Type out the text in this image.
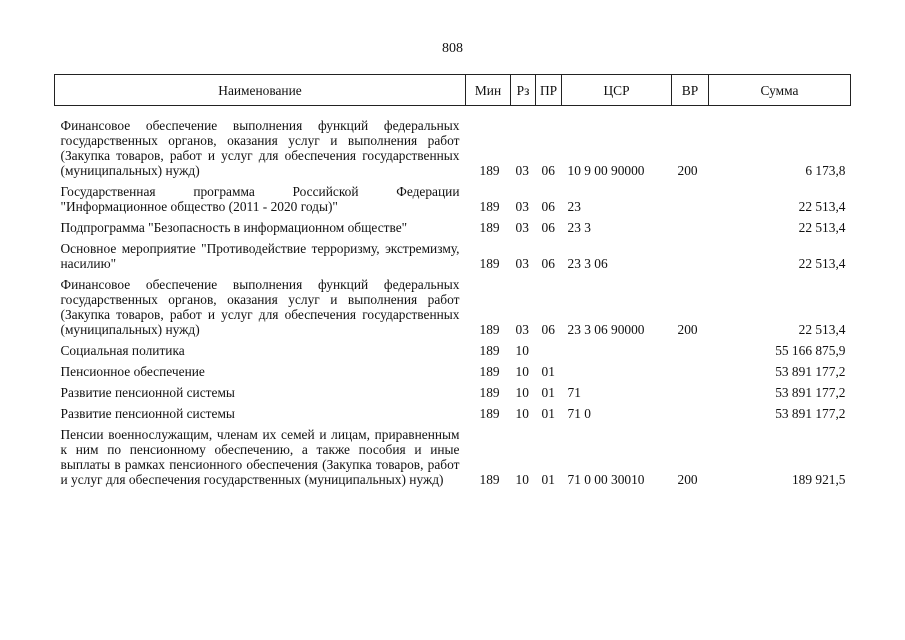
808
Наименование	Мин	Рз	ПР	ЦСР	ВР	Сумма

Финансовое обеспечение выполнения функций федеральных государственных органов, оказания услуг и выполнения работ (Закупка товаров, работ и услуг для обеспечения государственных (муниципальных) нужд)	189	03	06	10 9 00 90000	200	6 173,8
Государственная программа Российской Федерации "Информационное общество (2011 - 2020 годы)"	189	03	06	23		22 513,4
Подпрограмма "Безопасность в информационном обществе"	189	03	06	23 3		22 513,4
Основное мероприятие "Противодействие терроризму, экстремизму, насилию"	189	03	06	23 3 06		22 513,4
Финансовое обеспечение выполнения функций федеральных государственных органов, оказания услуг и выполнения работ (Закупка товаров, работ и услуг для обеспечения государственных (муниципальных) нужд)	189	03	06	23 3 06 90000	200	22 513,4
Социальная политика	189	10				55 166 875,9
Пенсионное обеспечение	189	10	01			53 891 177,2
Развитие пенсионной системы	189	10	01	71		53 891 177,2
Развитие пенсионной системы	189	10	01	71 0		53 891 177,2
Пенсии военнослужащим, членам их семей и лицам, приравненным к ним по пенсионному обеспечению, а также пособия и иные выплаты в рамках пенсионного обеспечения (Закупка товаров, работ и услуг для обеспечения государственных (муниципальных) нужд)	189	10	01	71 0 00 30010	200	189 921,5
